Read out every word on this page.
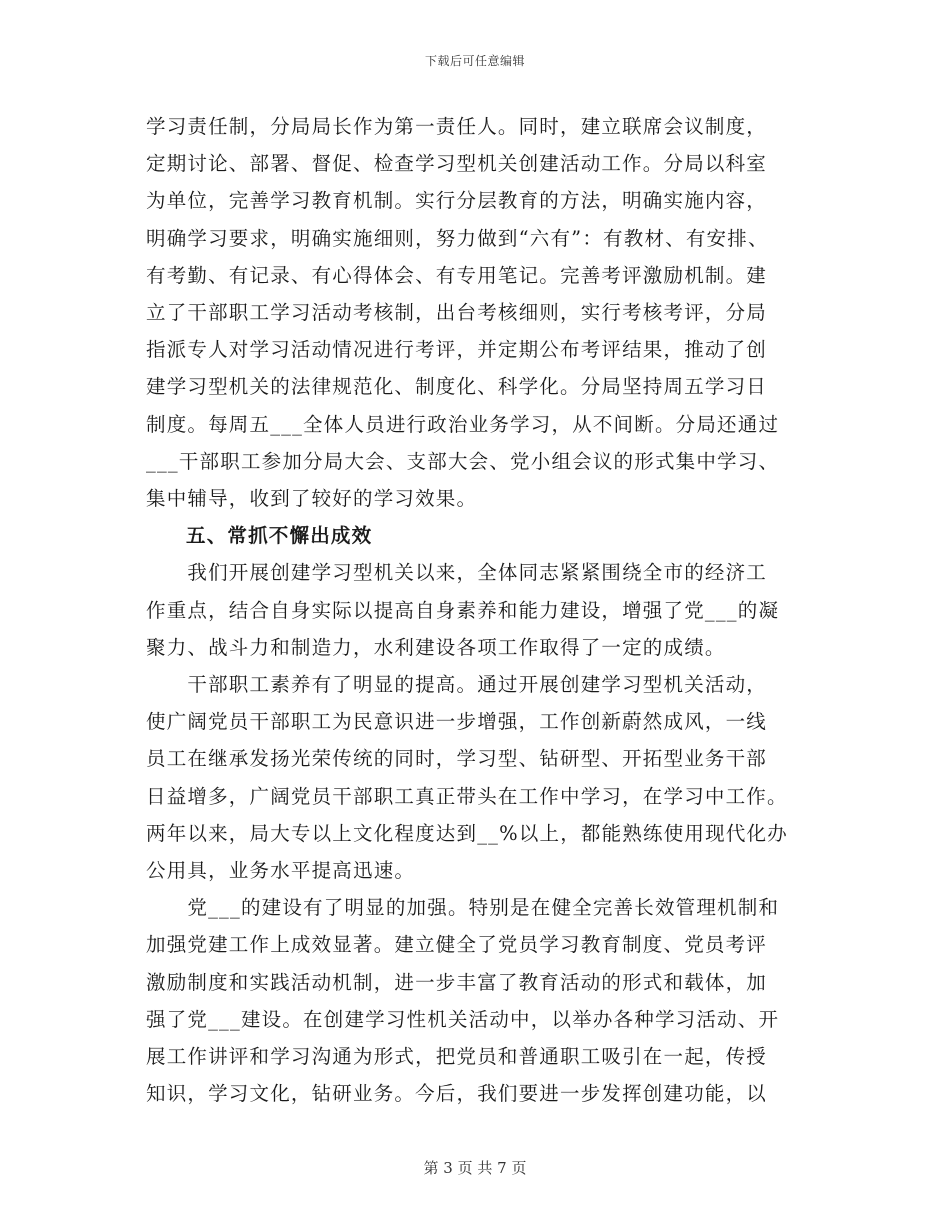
下载后可任意编辑
学习责任制，分局局长作为第一责任人。同时，建立联席会议制度，
定期讨论、部署、督促、检查学习型机关创建活动工作。分局以科室
为单位，完善学习教育机制。实行分层教育的方法，明确实施内容，
明确学习要求，明确实施细则，努力做到“六有”：有教材、有安排、
有考勤、有记录、有心得体会、有专用笔记。完善考评激励机制。建
立了干部职工学习活动考核制，出台考核细则，实行考核考评，分局
指派专人对学习活动情况进行考评，并定期公布考评结果，推动了创
建学习型机关的法律规范化、制度化、科学化。分局坚持周五学习日
制度。每周五___全体人员进行政治业务学习，从不间断。分局还通过
___干部职工参加分局大会、支部大会、党小组会议的形式集中学习、
集中辅导，收到了较好的学习效果。
五、常抓不懈出成效
　　我们开展创建学习型机关以来，全体同志紧紧围绕全市的经济工
作重点，结合自身实际以提高自身素养和能力建设，增强了党___的凝
聚力、战斗力和制造力，水利建设各项工作取得了一定的成绩。
　　干部职工素养有了明显的提高。通过开展创建学习型机关活动，
使广阔党员干部职工为民意识进一步增强，工作创新蔚然成风，一线
员工在继承发扬光荣传统的同时，学习型、钻研型、开拓型业务干部
日益增多，广阔党员干部职工真正带头在工作中学习，在学习中工作。
两年以来，局大专以上文化程度达到__%以上，都能熟练使用现代化办
公用具，业务水平提高迅速。
　　党___的建设有了明显的加强。特别是在健全完善长效管理机制和
加强党建工作上成效显著。建立健全了党员学习教育制度、党员考评
激励制度和实践活动机制，进一步丰富了教育活动的形式和载体，加
强了党___建设。在创建学习性机关活动中，以举办各种学习活动、开
展工作讲评和学习沟通为形式，把党员和普通职工吸引在一起，传授
知识，学习文化，钻研业务。今后，我们要进一步发挥创建功能，以
第 3 页 共 7 页
